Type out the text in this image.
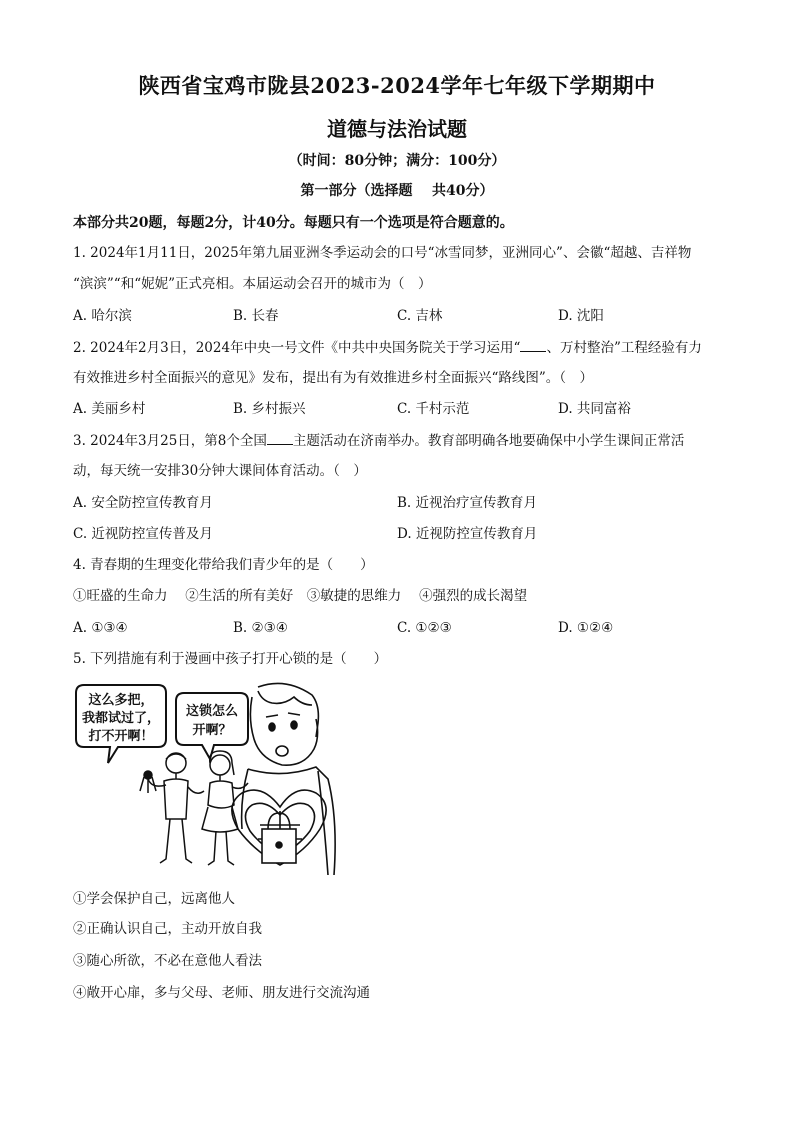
陕西省宝鸡市陇县2023-2024学年七年级下学期期中
道德与法治试题
（时间：80分钟；满分：100分）
第一部分（选择题    共40分）
本部分共20题，每题2分，计40分。每题只有一个选项是符合题意的。
1. 2024年1月11日，2025年第九届亚洲冬季运动会的口号“冰雪同梦，亚洲同心”、会徽“超越、吉祥物
“滨滨”“和“妮妮”正式亮相。本届运动会召开的城市为（　）
A. 哈尔滨	B. 长春	C. 吉林	D. 沈阳
2. 2024年2月3日，2024年中央一号文件《中共中央国务院关于学习运用“ 、万村整治”工程经验有力
有效推进乡村全面振兴的意见》发布，提出有为有效推进乡村全面振兴“路线图”。（　）
A. 美丽乡村	B. 乡村振兴	C. 千村示范	D. 共同富裕
3. 2024年3月25日，第8个全国 主题活动在济南举办。教育部明确各地要确保中小学生课间正常活
动，每天统一安排30分钟大课间体育活动。（　）
A. 安全防控宣传教育月	B. 近视治疗宣传教育月
C. 近视防控宣传普及月	D. 近视防控宣传教育月
4. 青春期的生理变化带给我们青少年的是（　　）
①旺盛的生命力　 ②生活的所有美好　③敏捷的思维力　 ④强烈的成长渴望
A. ①③④	B. ②③④	C. ①②③	D. ①②④
5. 下列措施有利于漫画中孩子打开心锁的是（　　）
这么多把，
我都试过了，
打不开啊！
这锁怎么
开啊？
①学会保护自己，远离他人
②正确认识自己，主动开放自我
③随心所欲，不必在意他人看法
④敞开心扉，多与父母、老师、朋友进行交流沟通
